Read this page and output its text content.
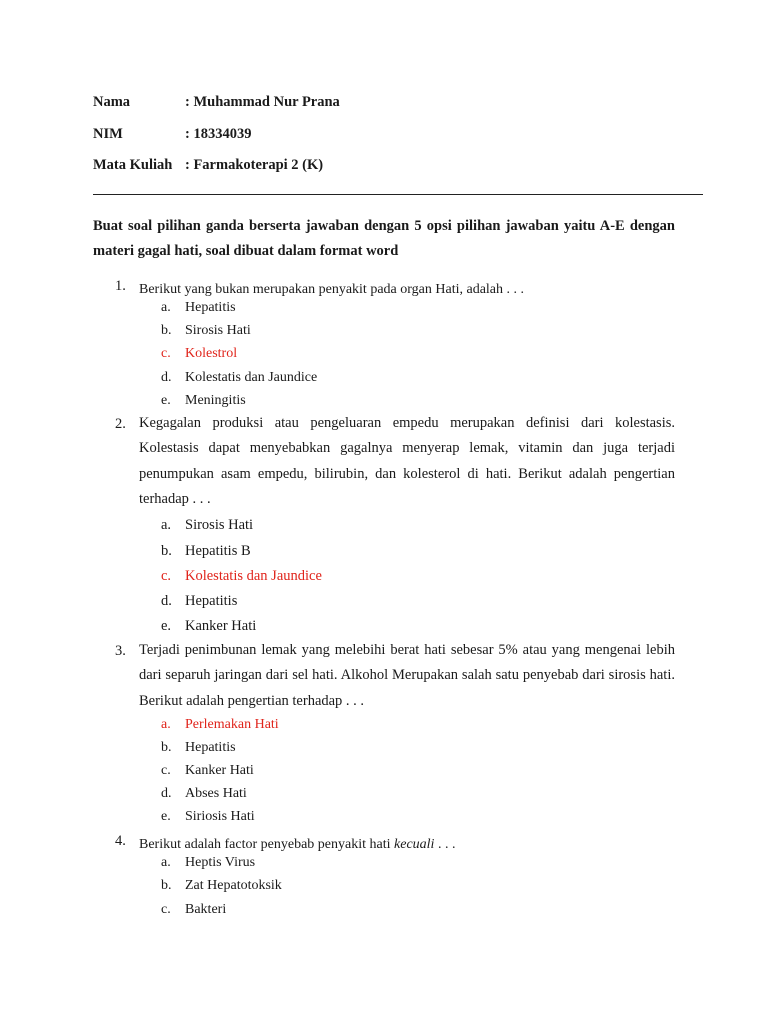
Nama	: Muhammad Nur Prana
NIM	: 18334039
Mata Kuliah : Farmakoterapi 2 (K)
Buat soal pilihan ganda berserta jawaban dengan 5 opsi pilihan jawaban yaitu A-E dengan materi gagal hati, soal dibuat dalam format word
1. Berikut yang bukan merupakan penyakit pada organ Hati, adalah . . .
a. Hepatitis
b. Sirosis Hati
c. Kolestrol
d. Kolestatis dan Jaundice
e. Meningitis
2. Kegagalan produksi atau pengeluaran empedu merupakan definisi dari kolestasis. Kolestasis dapat menyebabkan gagalnya menyerap lemak, vitamin dan juga terjadi penumpukan asam empedu, bilirubin, dan kolesterol di hati. Berikut adalah pengertian terhadap . . .
a. Sirosis Hati
b. Hepatitis B
c. Kolestatis dan Jaundice
d. Hepatitis
e. Kanker Hati
3. Terjadi penimbunan lemak yang melebihi berat hati sebesar 5% atau yang mengenai lebih dari separuh jaringan dari sel hati. Alkohol Merupakan salah satu penyebab dari sirosis hati. Berikut adalah pengertian terhadap . . .
a. Perlemakan Hati
b. Hepatitis
c. Kanker Hati
d. Abses Hati
e. Siriosis Hati
4. Berikut adalah factor penyebab penyakit hati kecuali . . .
a. Heptis Virus
b. Zat Hepatotoksik
c. Bakteri
